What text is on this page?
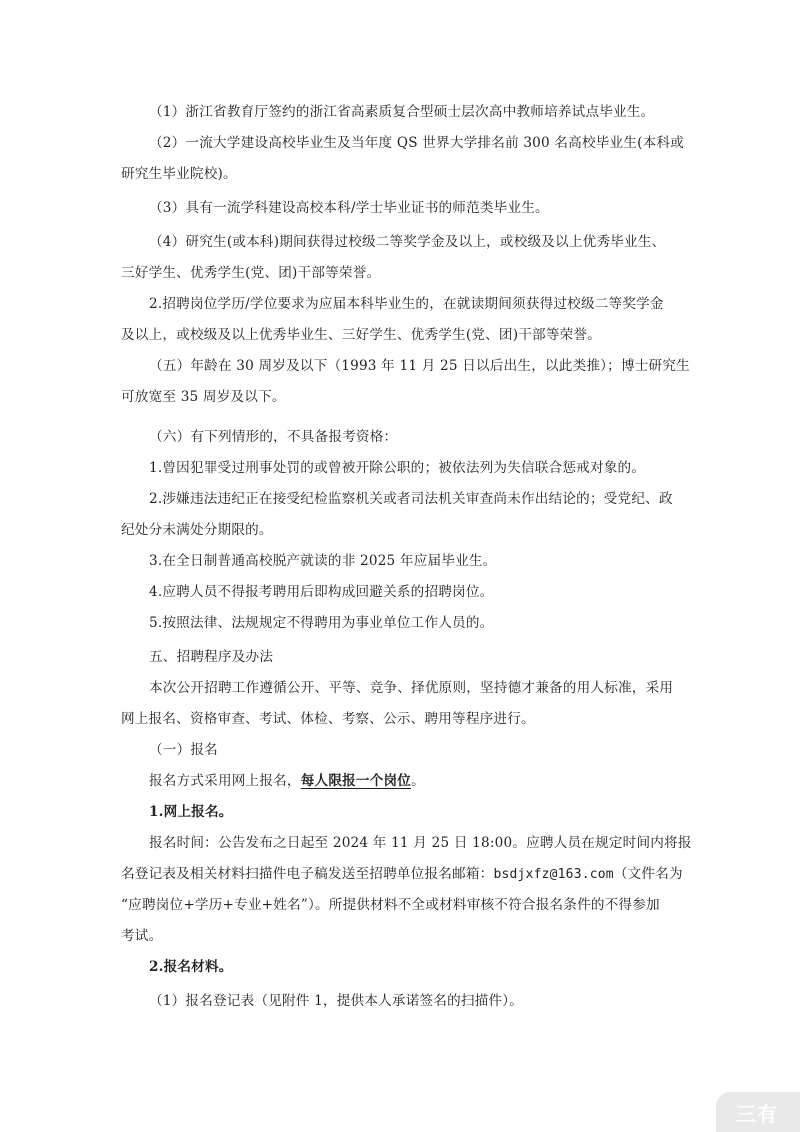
（1）浙江省教育厅签约的浙江省高素质复合型硕士层次高中教师培养试点毕业生。
（2）一流大学建设高校毕业生及当年度 QS 世界大学排名前 300 名高校毕业生(本科或
研究生毕业院校)。
（3）具有一流学科建设高校本科/学士毕业证书的师范类毕业生。
（4）研究生(或本科)期间获得过校级二等奖学金及以上，或校级及以上优秀毕业生、
三好学生、优秀学生(党、团)干部等荣誉。
2.招聘岗位学历/学位要求为应届本科毕业生的，在就读期间须获得过校级二等奖学金
及以上，或校级及以上优秀毕业生、三好学生、优秀学生(党、团)干部等荣誉。
（五）年龄在 30 周岁及以下（1993 年 11 月 25 日以后出生，以此类推）；博士研究生
可放宽至 35 周岁及以下。
（六）有下列情形的，不具备报考资格：
1.曾因犯罪受过刑事处罚的或曾被开除公职的；被依法列为失信联合惩戒对象的。
2.涉嫌违法违纪正在接受纪检监察机关或者司法机关审查尚未作出结论的；受党纪、政
纪处分未满处分期限的。
3.在全日制普通高校脱产就读的非 2025 年应届毕业生。
4.应聘人员不得报考聘用后即构成回避关系的招聘岗位。
5.按照法律、法规规定不得聘用为事业单位工作人员的。
五、招聘程序及办法
本次公开招聘工作遵循公开、平等、竞争、择优原则，坚持德才兼备的用人标准，采用
网上报名、资格审查、考试、体检、考察、公示、聘用等程序进行。
（一）报名
报名方式采用网上报名，每人限报一个岗位。
1.网上报名。
报名时间：公告发布之日起至 2024 年 11 月 25 日 18:00。应聘人员在规定时间内将报
名登记表及相关材料扫描件电子稿发送至招聘单位报名邮箱：bsdjxfz@163.com（文件名为
“应聘岗位+学历+专业+姓名”）。所提供材料不全或材料审核不符合报名条件的不得参加
考试。
2.报名材料。
（1）报名登记表（见附件 1，提供本人承诺签名的扫描件）。
三有
